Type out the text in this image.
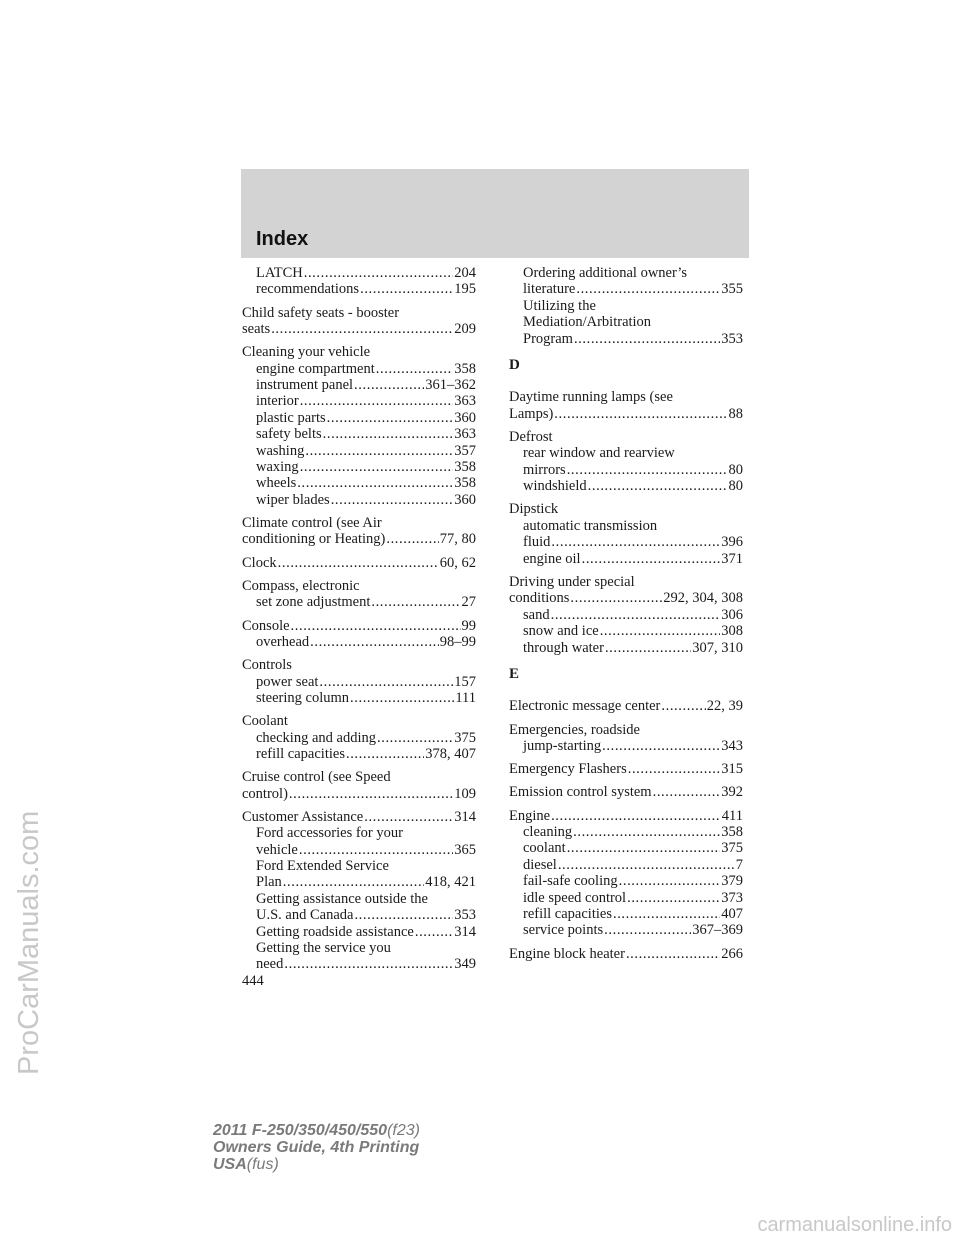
Index
LATCH .....	204
recommendations .....	195
Child safety seats - booster
seats .....	209
Cleaning your vehicle
engine compartment .....	358
instrument panel .....	361–362
interior .....	363
plastic parts .....	360
safety belts .....	363
washing .....	357
waxing .....	358
wheels .....	358
wiper blades .....	360
Climate control (see Air
conditioning or Heating) .....	77, 80
Clock .....	60, 62
Compass, electronic
set zone adjustment .....	27
Console .....	99
overhead .....	98–99
Controls
power seat .....	157
steering column .....	111
Coolant
checking and adding .....	375
refill capacities .....	378, 407
Cruise control (see Speed
control) .....	109
Customer Assistance .....	314
Ford accessories for your
vehicle .....	365
Ford Extended Service
Plan .....	418, 421
Getting assistance outside the
U.S. and Canada .....	353
Getting roadside assistance .....	314
Getting the service you
need .....	349
Ordering additional owner’s
literature .....	355
Utilizing the
Mediation/Arbitration
Program .....	353
D
Daytime running lamps (see
Lamps) .....	88
Defrost
rear window and rearview
mirrors .....	80
windshield .....	80
Dipstick
automatic transmission
fluid .....	396
engine oil .....	371
Driving under special
conditions .....	292, 304, 308
sand .....	306
snow and ice .....	308
through water .....	307, 310
E
Electronic message center .....	22, 39
Emergencies, roadside
jump-starting .....	343
Emergency Flashers .....	315
Emission control system .....	392
Engine .....	411
cleaning .....	358
coolant .....	375
diesel .....	7
fail-safe cooling .....	379
idle speed control .....	373
refill capacities .....	407
service points .....	367–369
Engine block heater .....	266
444
2011 F-250/350/450/550(f23)
Owners Guide, 4th Printing
USA(fus)
ProCarManuals.com
carmanualsonline.info
